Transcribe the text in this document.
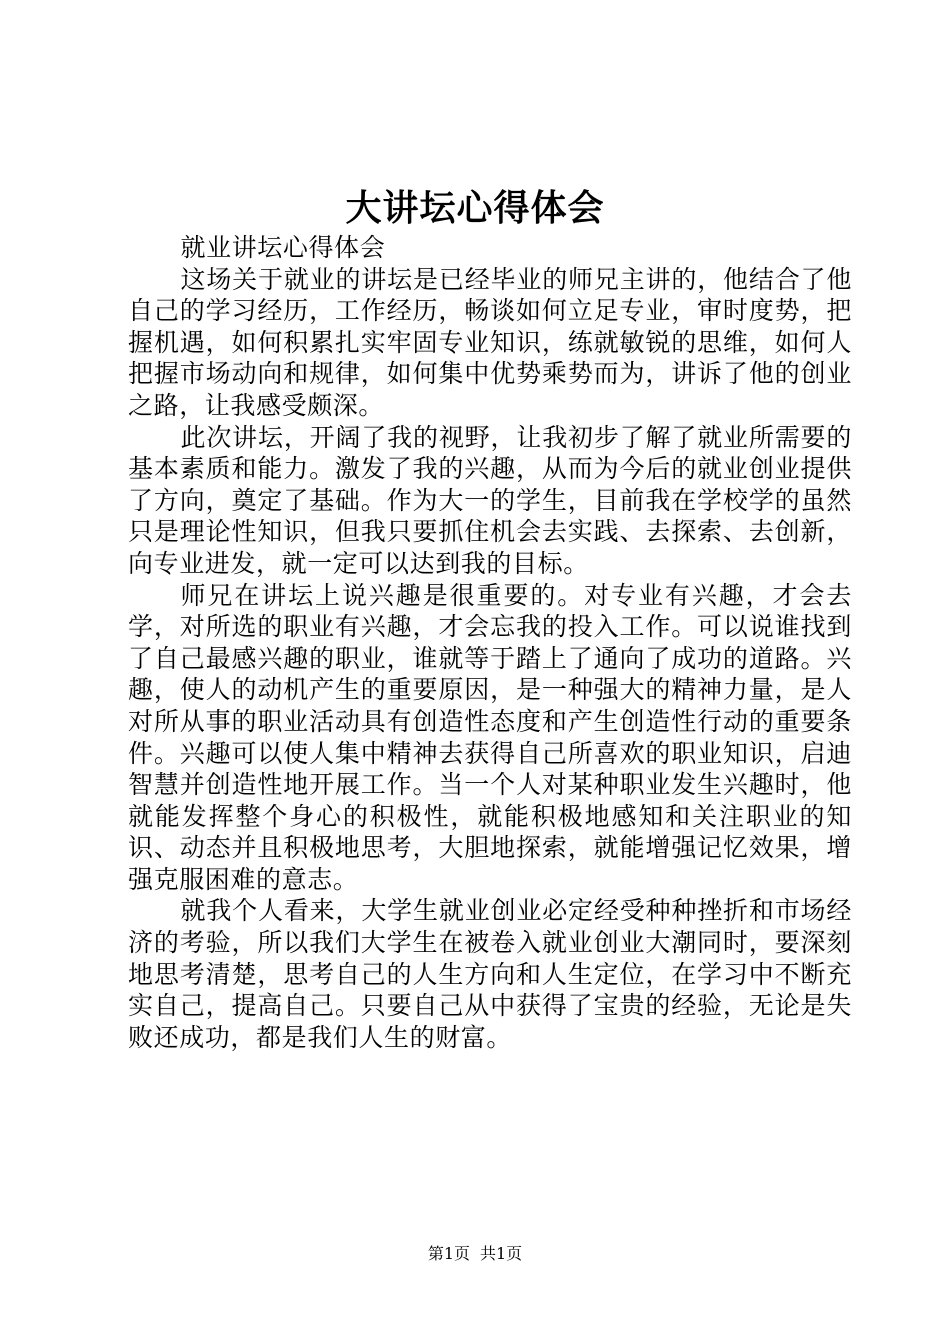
大讲坛心得体会

就业讲坛心得体会

这场关于就业的讲坛是已经毕业的师兄主讲的，他结合了他自己的学习经历，工作经历，畅谈如何立足专业，审时度势，把握机遇，如何积累扎实牢固专业知识，练就敏锐的思维，如何人把握市场动向和规律，如何集中优势乘势而为，讲诉了他的创业之路，让我感受颇深。

此次讲坛，开阔了我的视野，让我初步了解了就业所需要的基本素质和能力。激发了我的兴趣，从而为今后的就业创业提供了方向，奠定了基础。作为大一的学生，目前我在学校学的虽然只是理论性知识，但我只要抓住机会去实践、去探索、去创新，向专业进发，就一定可以达到我的目标。

师兄在讲坛上说兴趣是很重要的。对专业有兴趣，才会去学，对所选的职业有兴趣，才会忘我的投入工作。可以说谁找到了自己最感兴趣的职业，谁就等于踏上了通向了成功的道路。兴趣，使人的动机产生的重要原因，是一种强大的精神力量，是人对所从事的职业活动具有创造性态度和产生创造性行动的重要条件。兴趣可以使人集中精神去获得自己所喜欢的职业知识，启迪智慧并创造性地开展工作。当一个人对某种职业发生兴趣时，他就能发挥整个身心的积极性，就能积极地感知和关注职业的知识、动态并且积极地思考，大胆地探索，就能增强记忆效果，增强克服困难的意志。

就我个人看来，大学生就业创业必定经受种种挫折和市场经济的考验，所以我们大学生在被卷入就业创业大潮同时，要深刻地思考清楚，思考自己的人生方向和人生定位，在学习中不断充实自己，提高自己。只要自己从中获得了宝贵的经验，无论是失败还成功，都是我们人生的财富。

第1页 共1页
